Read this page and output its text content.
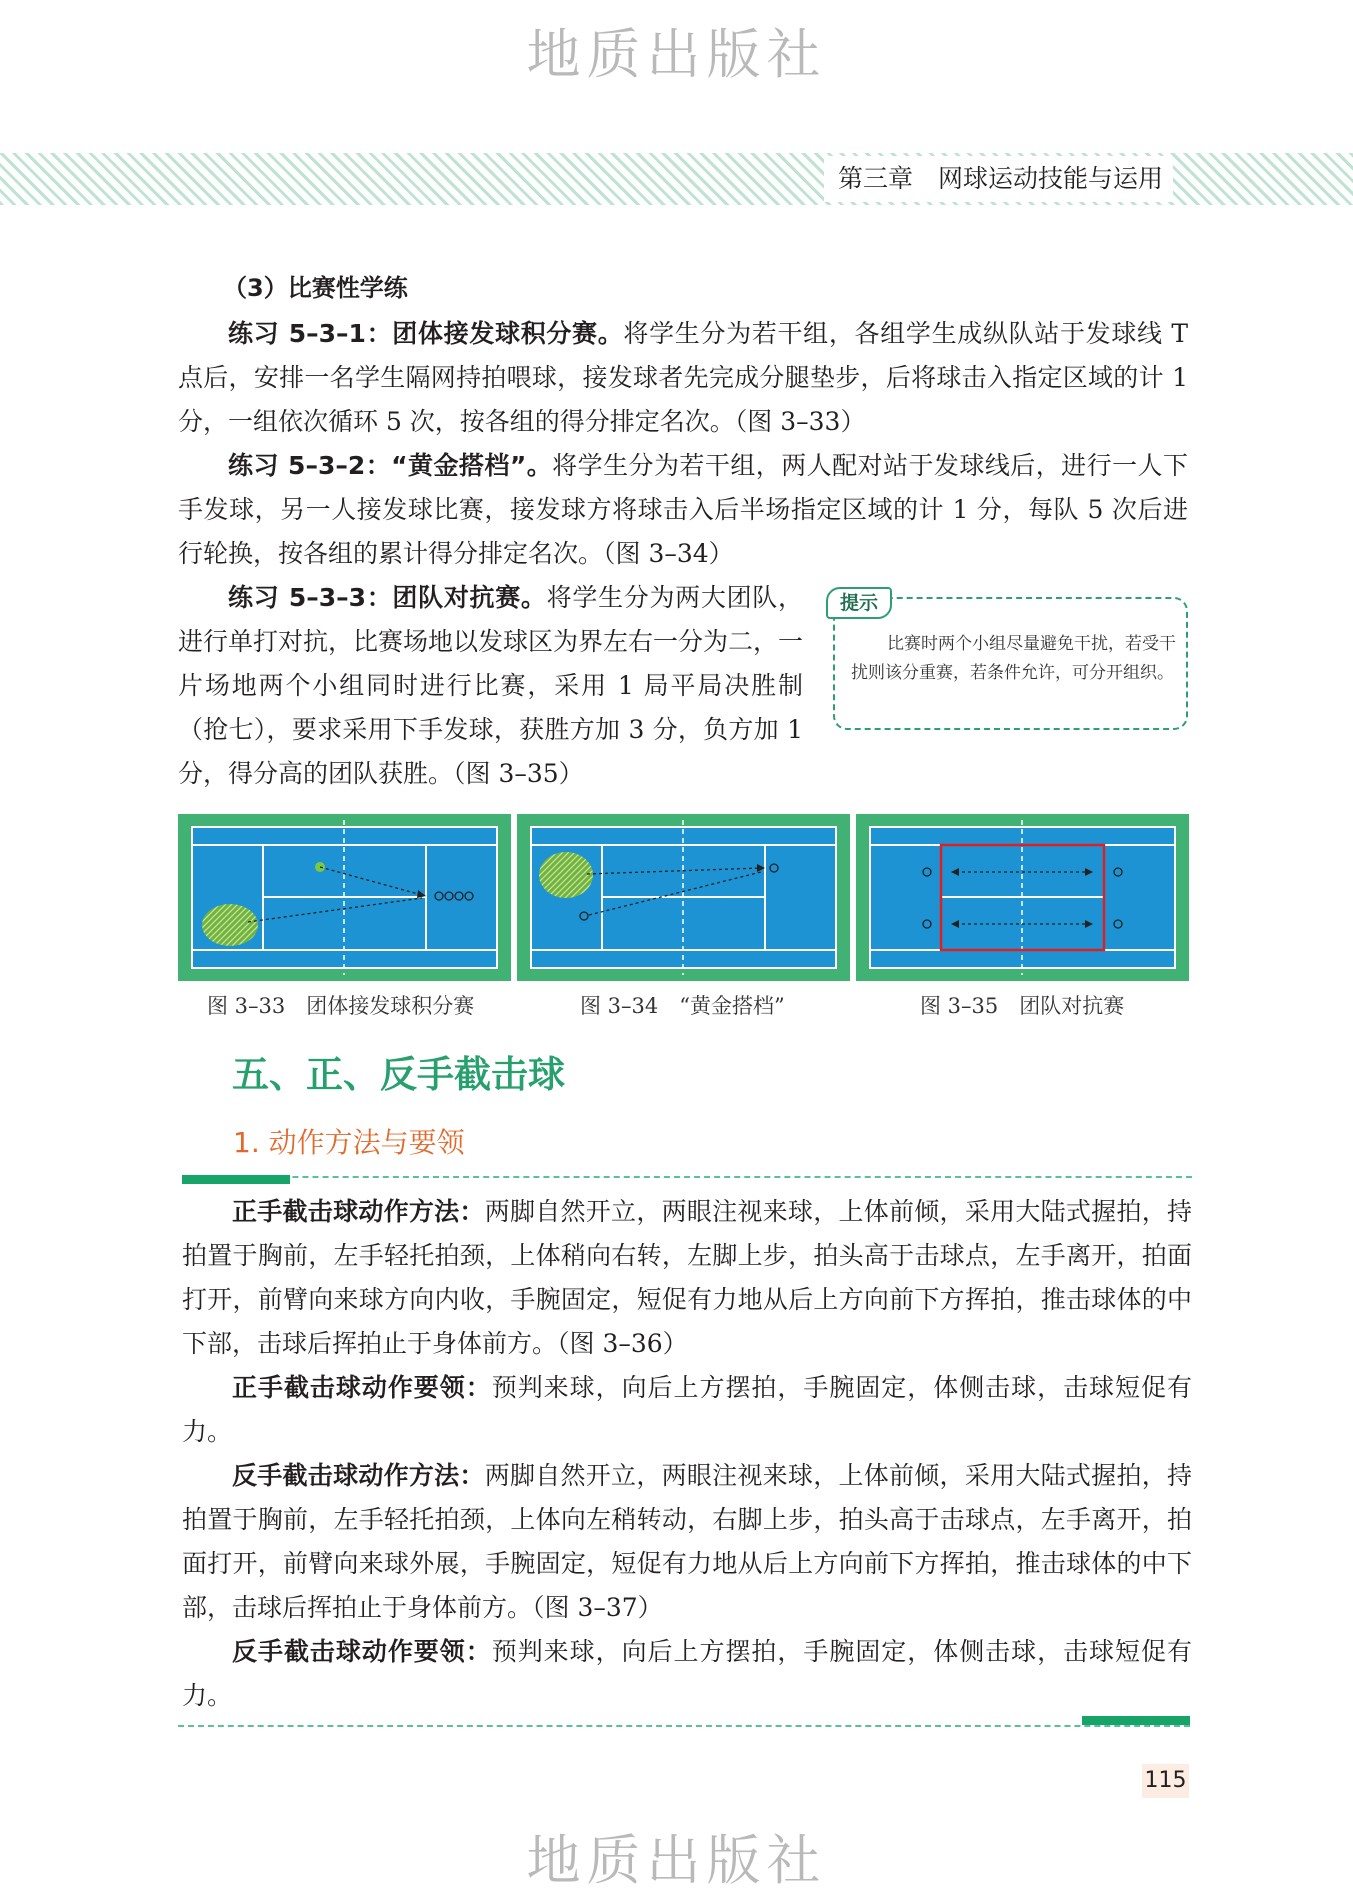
地质出版社
地质出版社
第三章　网球运动技能与运用
（3）比赛性学练

练习 5–3–1：团体接发球积分赛。将学生分为若干组，各组学生成纵队站于发球线 T 点后，安排一名学生隔网持拍喂球，接发球者先完成分腿垫步，后将球击入指定区域的计 1 分，一组依次循环 5 次，按各组的得分排定名次。（图 3–33）

练习 5–3–2：“黄金搭档”。将学生分为若干组，两人配对站于发球线后，进行一人下手发球，另一人接发球比赛，接发球方将球击入后半场指定区域的计 1 分，每队 5 次后进行轮换，按各组的累计得分排定名次。（图 3–34）

练习 5–3–3：团队对抗赛。将学生分为两大团队，进行单打对抗，比赛场地以发球区为界左右一分为二，一片场地两个小组同时进行比赛，采用 1 局平局决胜制（抢七），要求采用下手发球，获胜方加 3 分，负方加 1 分，得分高的团队获胜。（图 3–35）

比赛时两个小组尽量避免干扰，若受干扰则该分重赛，若条件允许，可分开组织。
提示
图 3–33　团体接发球积分赛	图 3–34　“黄金搭档”	图 3–35　团队对抗赛
五、正、反手截击球
1. 动作方法与要领

正手截击球动作方法：两脚自然开立，两眼注视来球，上体前倾，采用大陆式握拍，持拍置于胸前，左手轻托拍颈，上体稍向右转，左脚上步，拍头高于击球点，左手离开，拍面打开，前臂向来球方向内收，手腕固定，短促有力地从后上方向前下方挥拍，推击球体的中下部，击球后挥拍止于身体前方。（图 3–36）

正手截击球动作要领：预判来球，向后上方摆拍，手腕固定，体侧击球，击球短促有力。

反手截击球动作方法：两脚自然开立，两眼注视来球，上体前倾，采用大陆式握拍，持拍置于胸前，左手轻托拍颈，上体向左稍转动，右脚上步，拍头高于击球点，左手离开，拍面打开，前臂向来球外展，手腕固定，短促有力地从后上方向前下方挥拍，推击球体的中下部，击球后挥拍止于身体前方。（图 3–37）

反手截击球动作要领：预判来球，向后上方摆拍，手腕固定，体侧击球，击球短促有力。

115
